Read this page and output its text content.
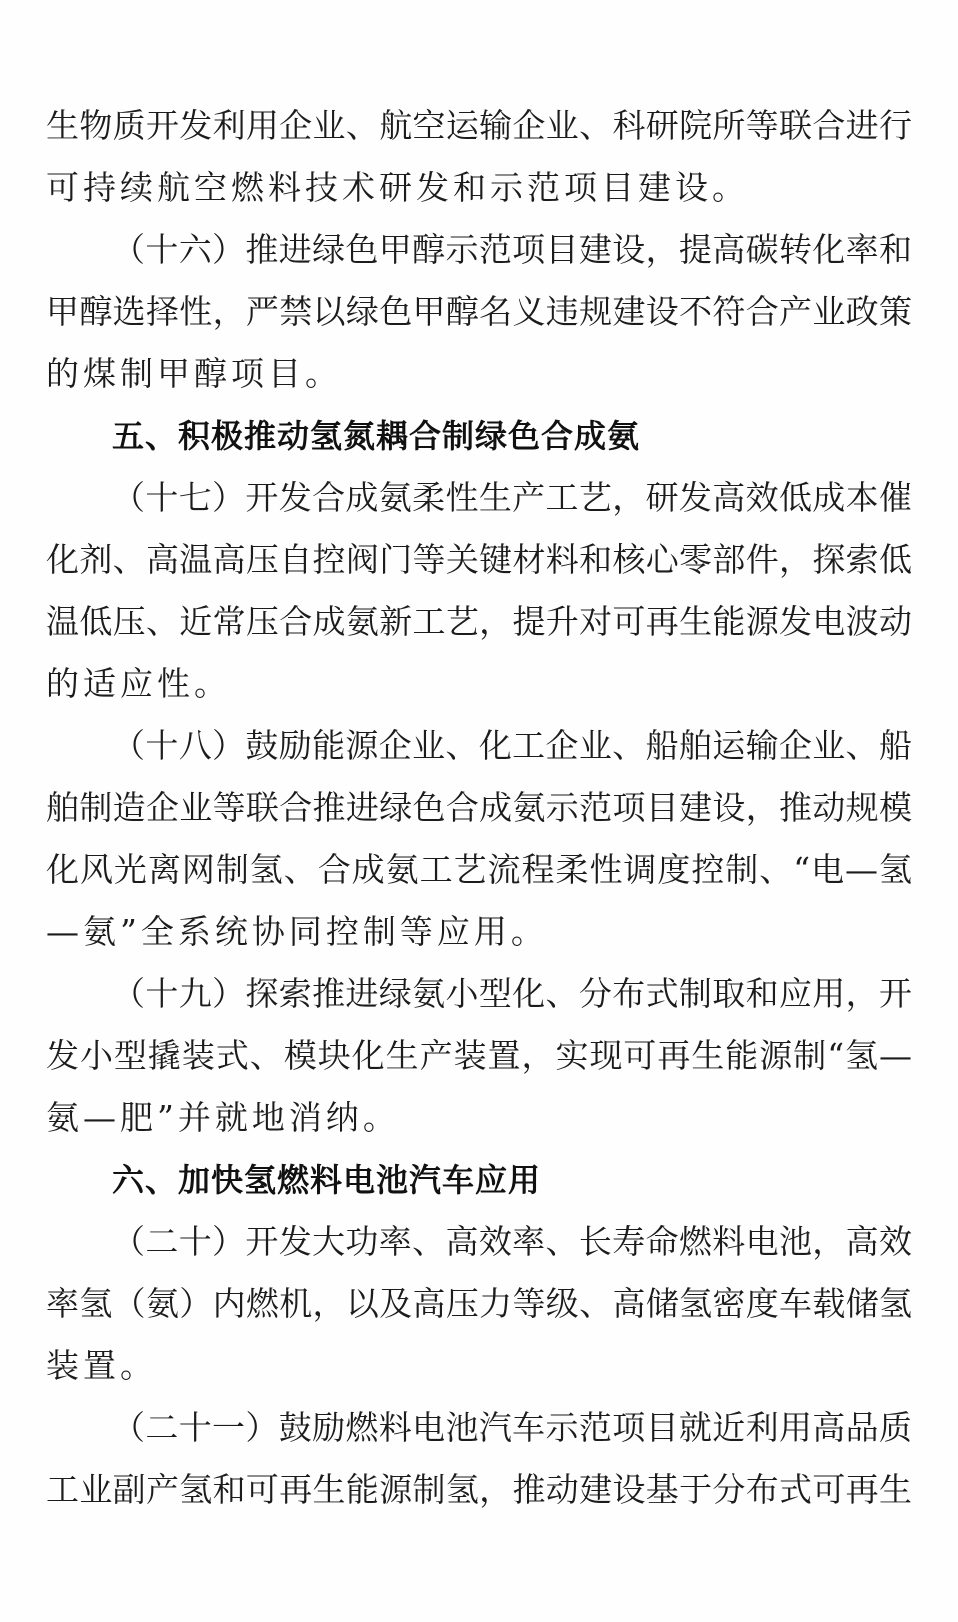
生物质开发利用企业、航空运输企业、科研院所等联合进行
可持续航空燃料技术研发和示范项目建设。
（十六）推进绿色甲醇示范项目建设，提高碳转化率和
甲醇选择性，严禁以绿色甲醇名义违规建设不符合产业政策
的煤制甲醇项目。
五、积极推动氢氮耦合制绿色合成氨
（十七）开发合成氨柔性生产工艺，研发高效低成本催
化剂、高温高压自控阀门等关键材料和核心零部件，探索低
温低压、近常压合成氨新工艺，提升对可再生能源发电波动
的适应性。
（十八）鼓励能源企业、化工企业、船舶运输企业、船
舶制造企业等联合推进绿色合成氨示范项目建设，推动规模
化风光离网制氢、合成氨工艺流程柔性调度控制、“电—氢
—氨”全系统协同控制等应用。
（十九）探索推进绿氨小型化、分布式制取和应用，开
发小型撬装式、模块化生产装置，实现可再生能源制“氢—
氨—肥”并就地消纳。
六、加快氢燃料电池汽车应用
（二十）开发大功率、高效率、长寿命燃料电池，高效
率氢（氨）内燃机，以及高压力等级、高储氢密度车载储氢
装置。
（二十一）鼓励燃料电池汽车示范项目就近利用高品质
工业副产氢和可再生能源制氢，推动建设基于分布式可再生
